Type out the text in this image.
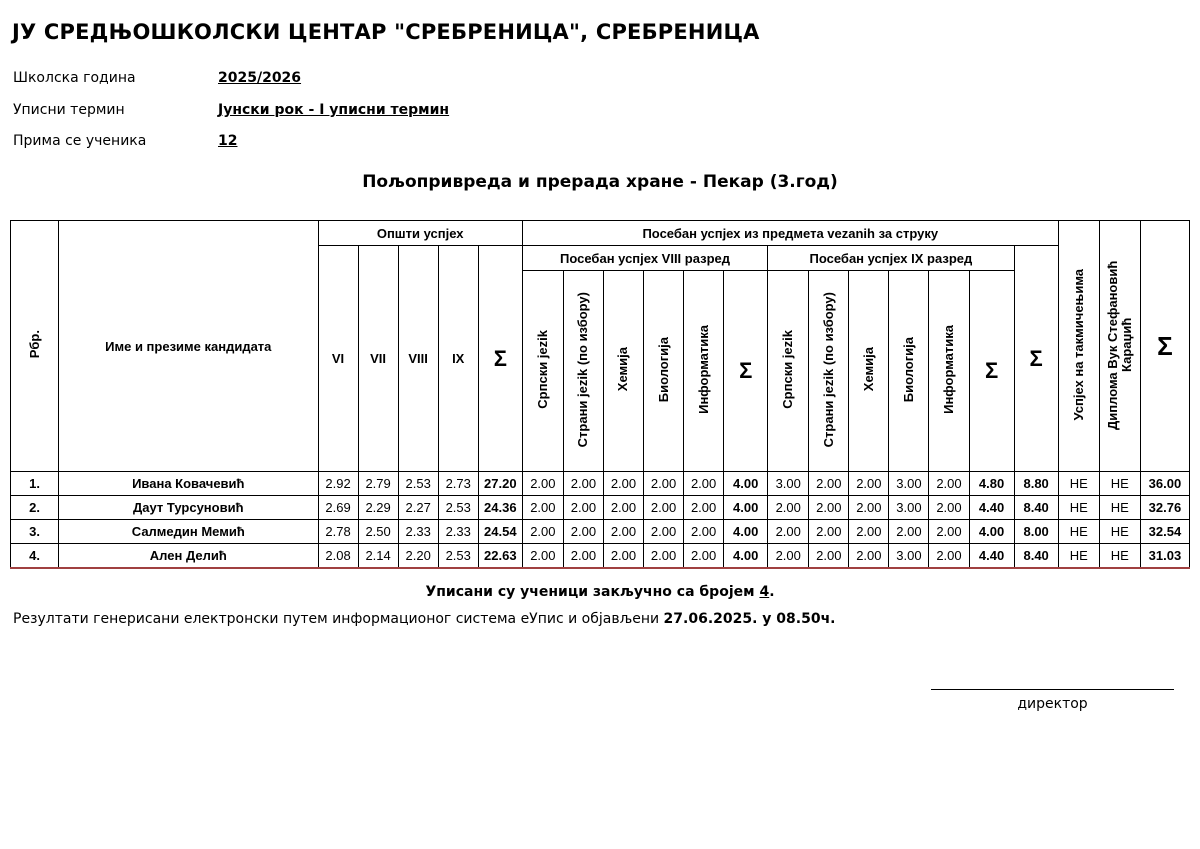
ЈУ СРЕДЊОШКОЛСКИ ЦЕНТАР "СРЕБРЕНИЦА", СРЕБРЕНИЦА
Школска година	2025/2026
Уписни термин	Јунски рок - I уписни термин
Прима се ученика	12
Пољопривреда и прерада хране - Пекар (3.год)
Рбр.	Име и презиме кандидата	Општи успјех					Посебан успјех из предмета vezanih за струку													Успјех на такмичењима	Диплома Вук Стефановић Караџић	Σ
		VI	VII	VIII	IX	Σ	Посебан успјех VIII разред						Посебан успјех IX разред						Σ			
							Српски jezik	Страни jezik (по избору)	Хемија	Биологија	Информатика	Σ	Српски jezik	Страни jezik (по избору)	Хемија	Биологија	Информатика	Σ				
1.	Ивана Ковачевић	2.92	2.79	2.53	2.73	27.20	2.00	2.00	2.00	2.00	2.00	4.00	3.00	2.00	2.00	3.00	2.00	4.80	8.80	НЕ	НЕ	36.00
2.	Даут Турсуновић	2.69	2.29	2.27	2.53	24.36	2.00	2.00	2.00	2.00	2.00	4.00	2.00	2.00	2.00	3.00	2.00	4.40	8.40	НЕ	НЕ	32.76
3.	Салмедин Мемић	2.78	2.50	2.33	2.33	24.54	2.00	2.00	2.00	2.00	2.00	4.00	2.00	2.00	2.00	2.00	2.00	4.00	8.00	НЕ	НЕ	32.54
4.	Ален Делић	2.08	2.14	2.20	2.53	22.63	2.00	2.00	2.00	2.00	2.00	4.00	2.00	2.00	2.00	3.00	2.00	4.40	8.40	НЕ	НЕ	31.03
Уписани су ученици закључно са бројем 4.
Резултати генерисани електронски путем информационог система еУпис и објављени 27.06.2025. у 08.50ч.
директор
